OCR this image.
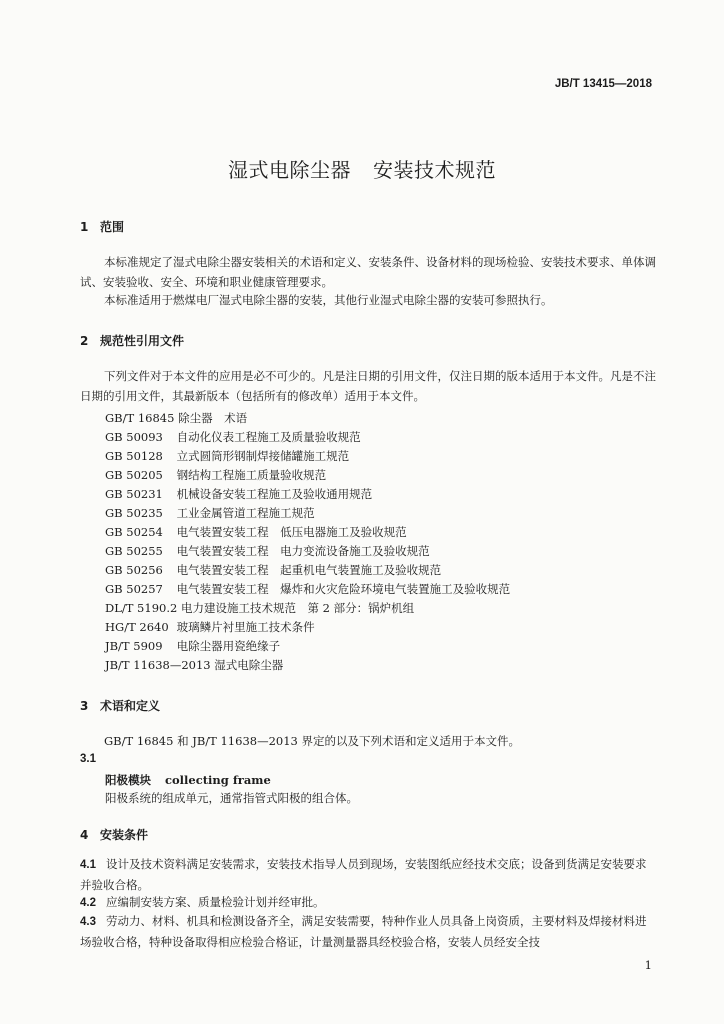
JB/T 13415—2018
湿式电除尘器 安装技术规范
1 范围
本标准规定了湿式电除尘器安装相关的术语和定义、安装条件、设备材料的现场检验、安装技术要求、单体调试、安装验收、安全、环境和职业健康管理要求。
本标准适用于燃煤电厂湿式电除尘器的安装，其他行业湿式电除尘器的安装可参照执行。
2 规范性引用文件
下列文件对于本文件的应用是必不可少的。凡是注日期的引用文件，仅注日期的版本适用于本文件。凡是不注日期的引用文件，其最新版本（包括所有的修改单）适用于本文件。
GB/T 16845 除尘器　术语
GB 50093 自动化仪表工程施工及质量验收规范
GB 50128 立式圆筒形钢制焊接储罐施工规范
GB 50205 钢结构工程施工质量验收规范
GB 50231 机械设备安装工程施工及验收通用规范
GB 50235 工业金属管道工程施工规范
GB 50254 电气装置安装工程　低压电器施工及验收规范
GB 50255 电气装置安装工程　电力变流设备施工及验收规范
GB 50256 电气装置安装工程　起重机电气装置施工及验收规范
GB 50257 电气装置安装工程　爆炸和火灾危险环境电气装置施工及验收规范
DL/T 5190.2 电力建设施工技术规范　第 2 部分：锅炉机组
HG/T 2640 玻璃鳞片衬里施工技术条件
JB/T 5909 电除尘器用瓷绝缘子
JB/T 11638—2013 湿式电除尘器
3 术语和定义
GB/T 16845 和 JB/T 11638—2013 界定的以及下列术语和定义适用于本文件。
3.1
阳极模块 collecting frame
阳极系统的组成单元，通常指管式阳极的组合体。
4 安装条件
4.1 设计及技术资料满足安装需求，安装技术指导人员到现场，安装图纸应经技术交底；设备到货满足安装要求并验收合格。
4.2 应编制安装方案、质量检验计划并经审批。
4.3 劳动力、材料、机具和检测设备齐全，满足安装需要，特种作业人员具备上岗资质，主要材料及焊接材料进场验收合格，特种设备取得相应检验合格证，计量测量器具经校验合格，安装人员经安全技
1
